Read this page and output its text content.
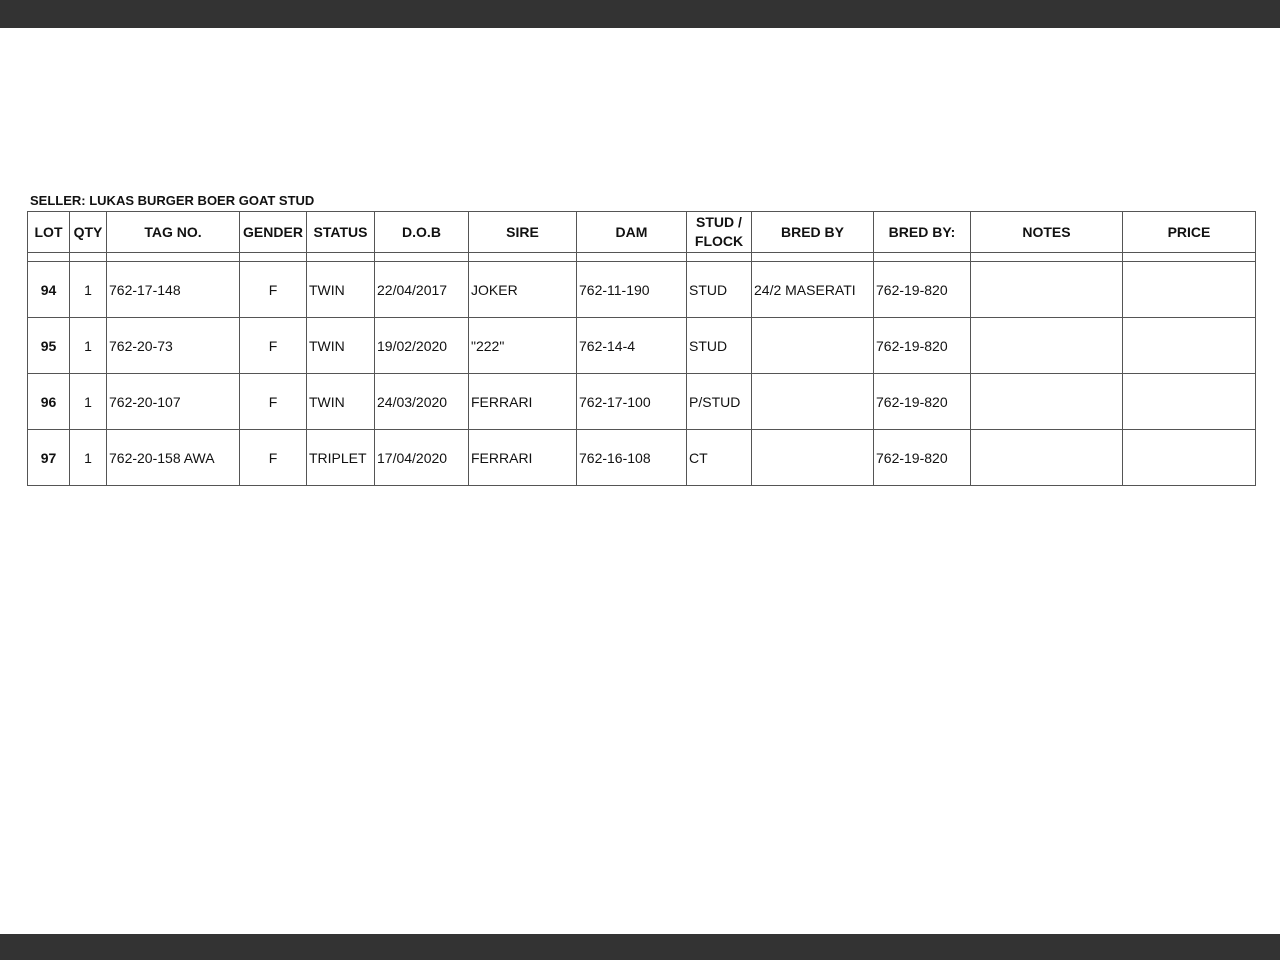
SELLER: LUKAS BURGER BOER GOAT STUD
LOT	QTY	TAG NO.	GENDER	STATUS	D.O.B	SIRE	DAM	STUD / FLOCK	BRED BY	BRED BY:	NOTES	PRICE

94	1	762-17-148	F	TWIN	22/04/2017	JOKER	762-11-190	STUD	24/2 MASERATI	762-19-820		
95	1	762-20-73	F	TWIN	19/02/2020	"222"	762-14-4	STUD		762-19-820		
96	1	762-20-107	F	TWIN	24/03/2020	FERRARI	762-17-100	P/STUD		762-19-820		
97	1	762-20-158 AWA	F	TRIPLET	17/04/2020	FERRARI	762-16-108	CT		762-19-820		
